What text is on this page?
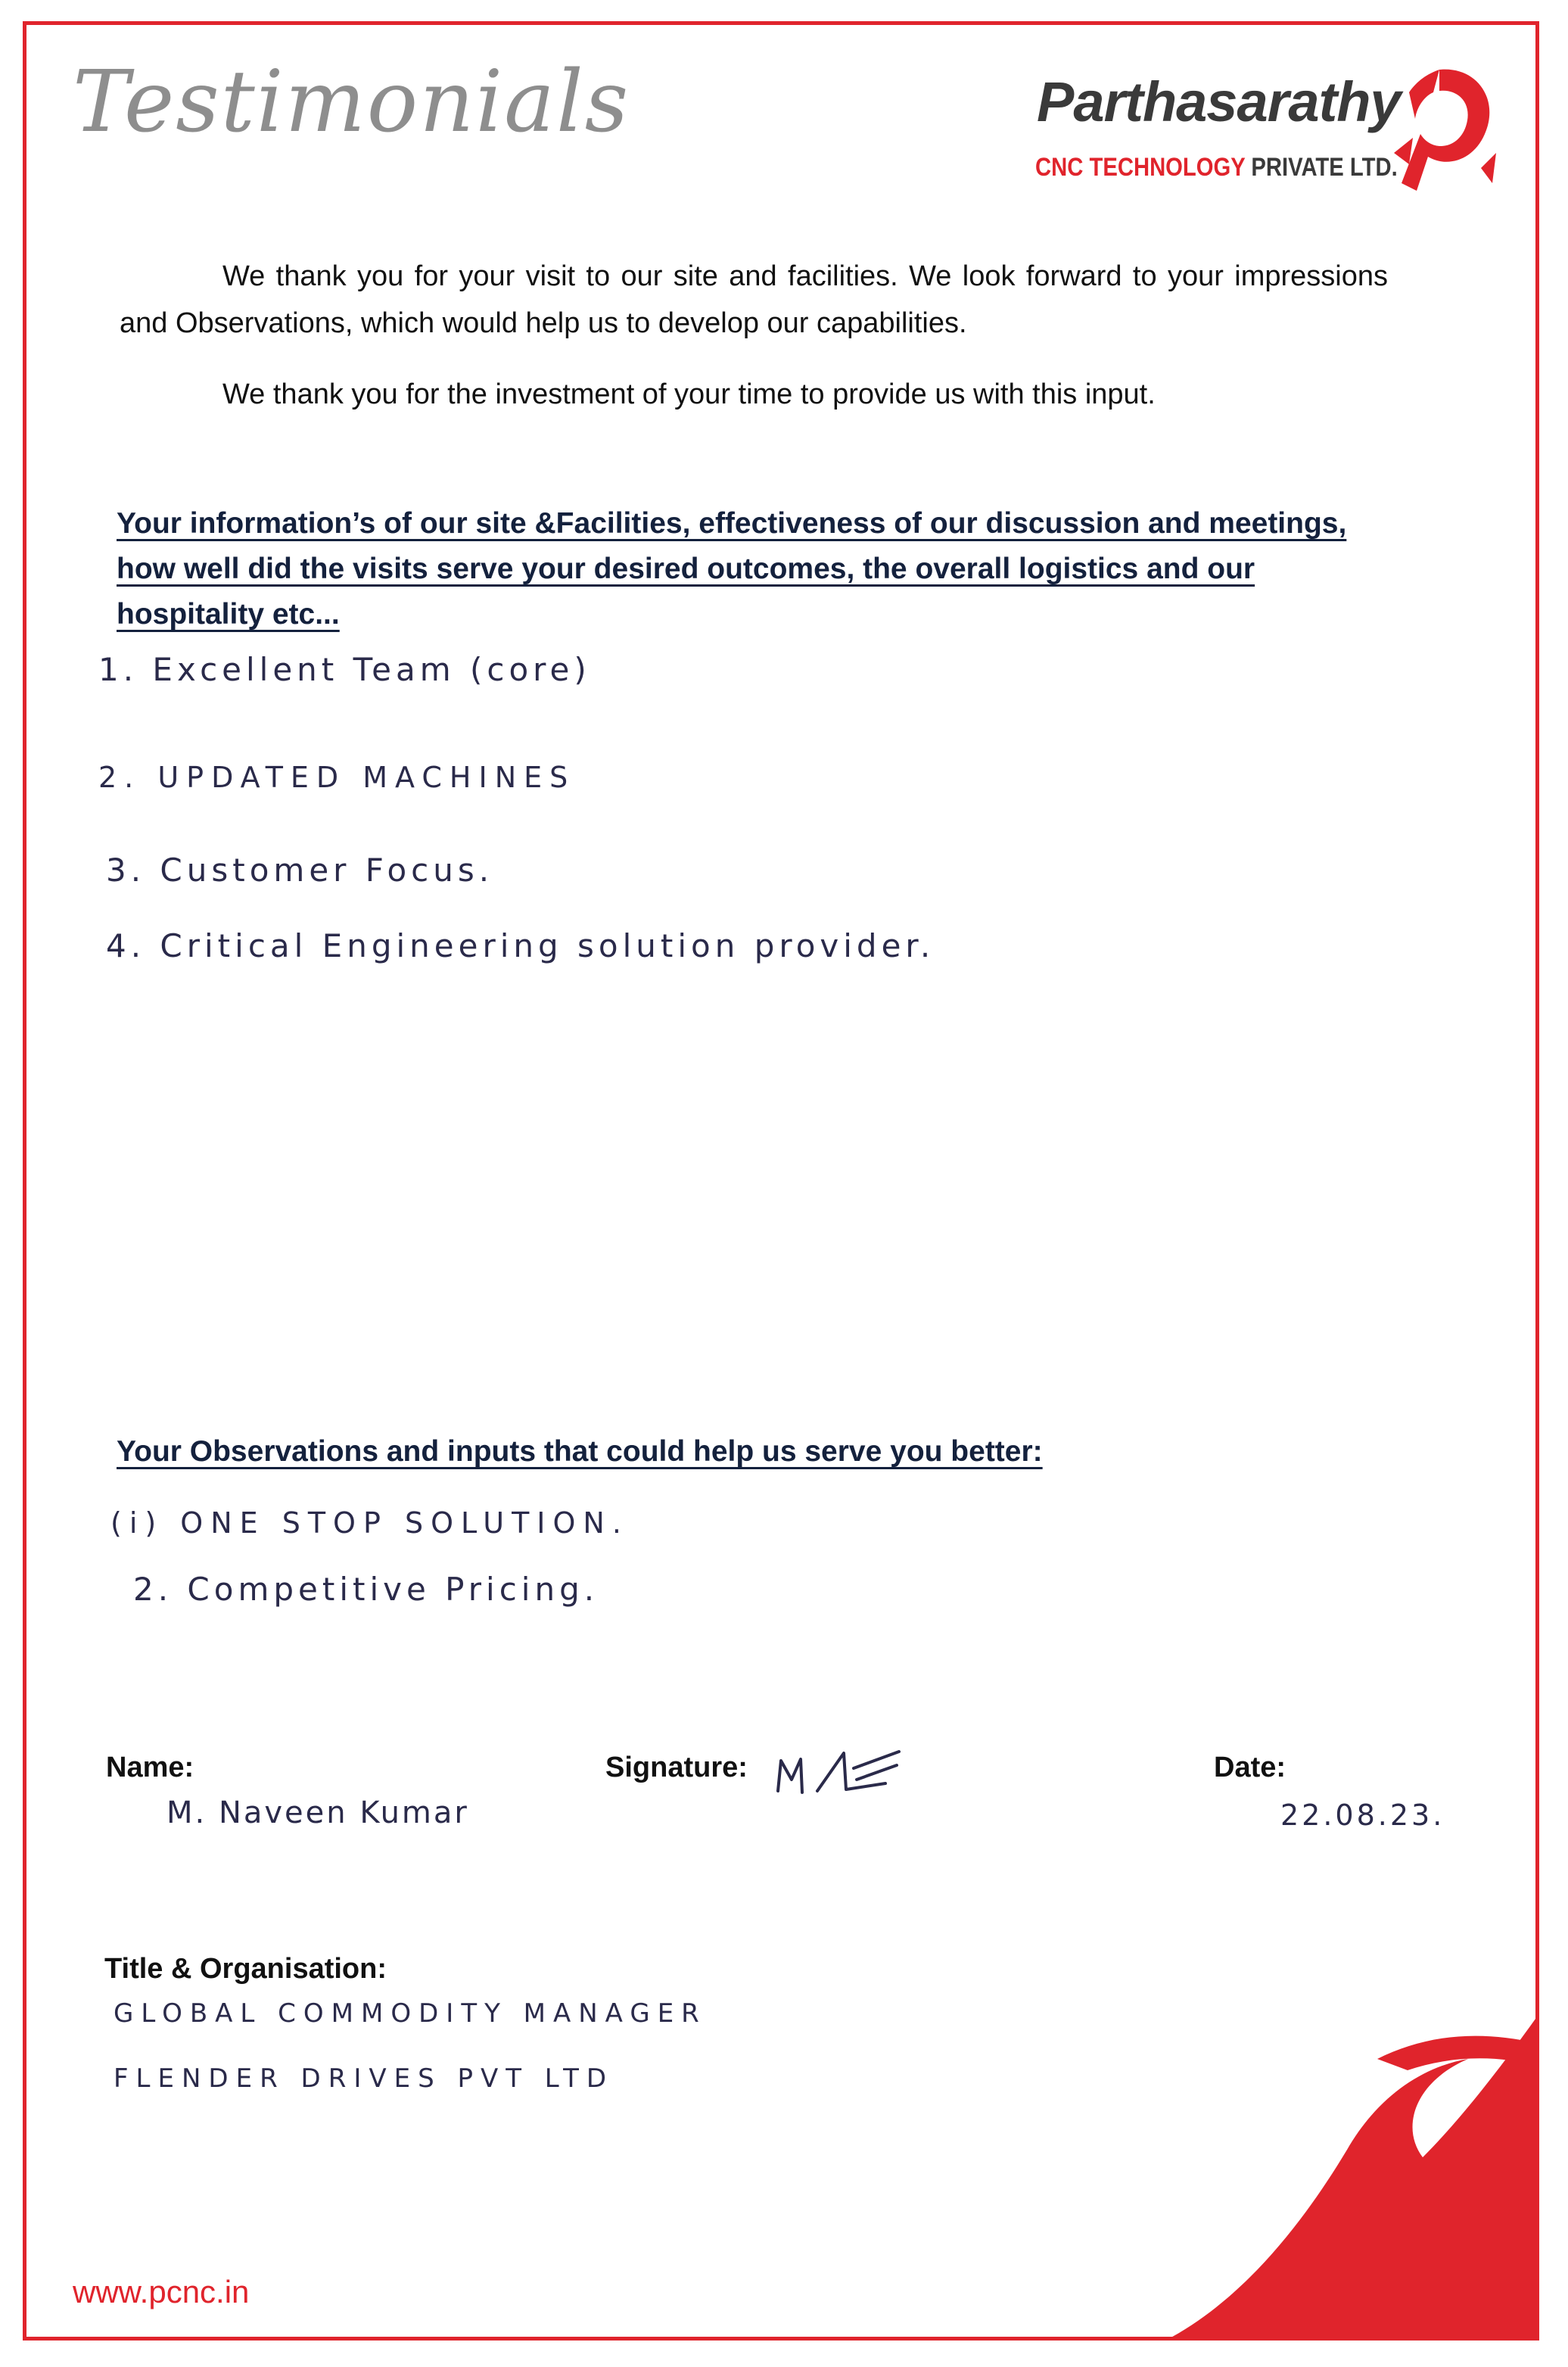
Testimonials	Parthasarathy
CNC TECHNOLOGY PRIVATE LTD.

We thank you for your visit to our site and facilities. We look forward to your impressions and Observations, which would help us to develop our capabilities.

We thank you for the investment of your time to provide us with this input.

Your information’s of our site &Facilities, effectiveness of our discussion and meetings, how well did the visits serve your desired outcomes, the overall logistics and our hospitality etc...

1. Excellent Team (core)
2. UPDATED MACHINES
3. Customer Focus.
4. Critical Engineering solution provider.

Your Observations and inputs that could help us serve you better:

(i) ONE STOP SOLUTION.
2. Competitive Pricing.
Name:
M. Naveen Kumar
Signature:	Date:
22.08.23.
Title & Organisation:
GLOBAL COMMODITY MANAGER
FLENDER DRIVES PVT LTD
www.pcnc.in
